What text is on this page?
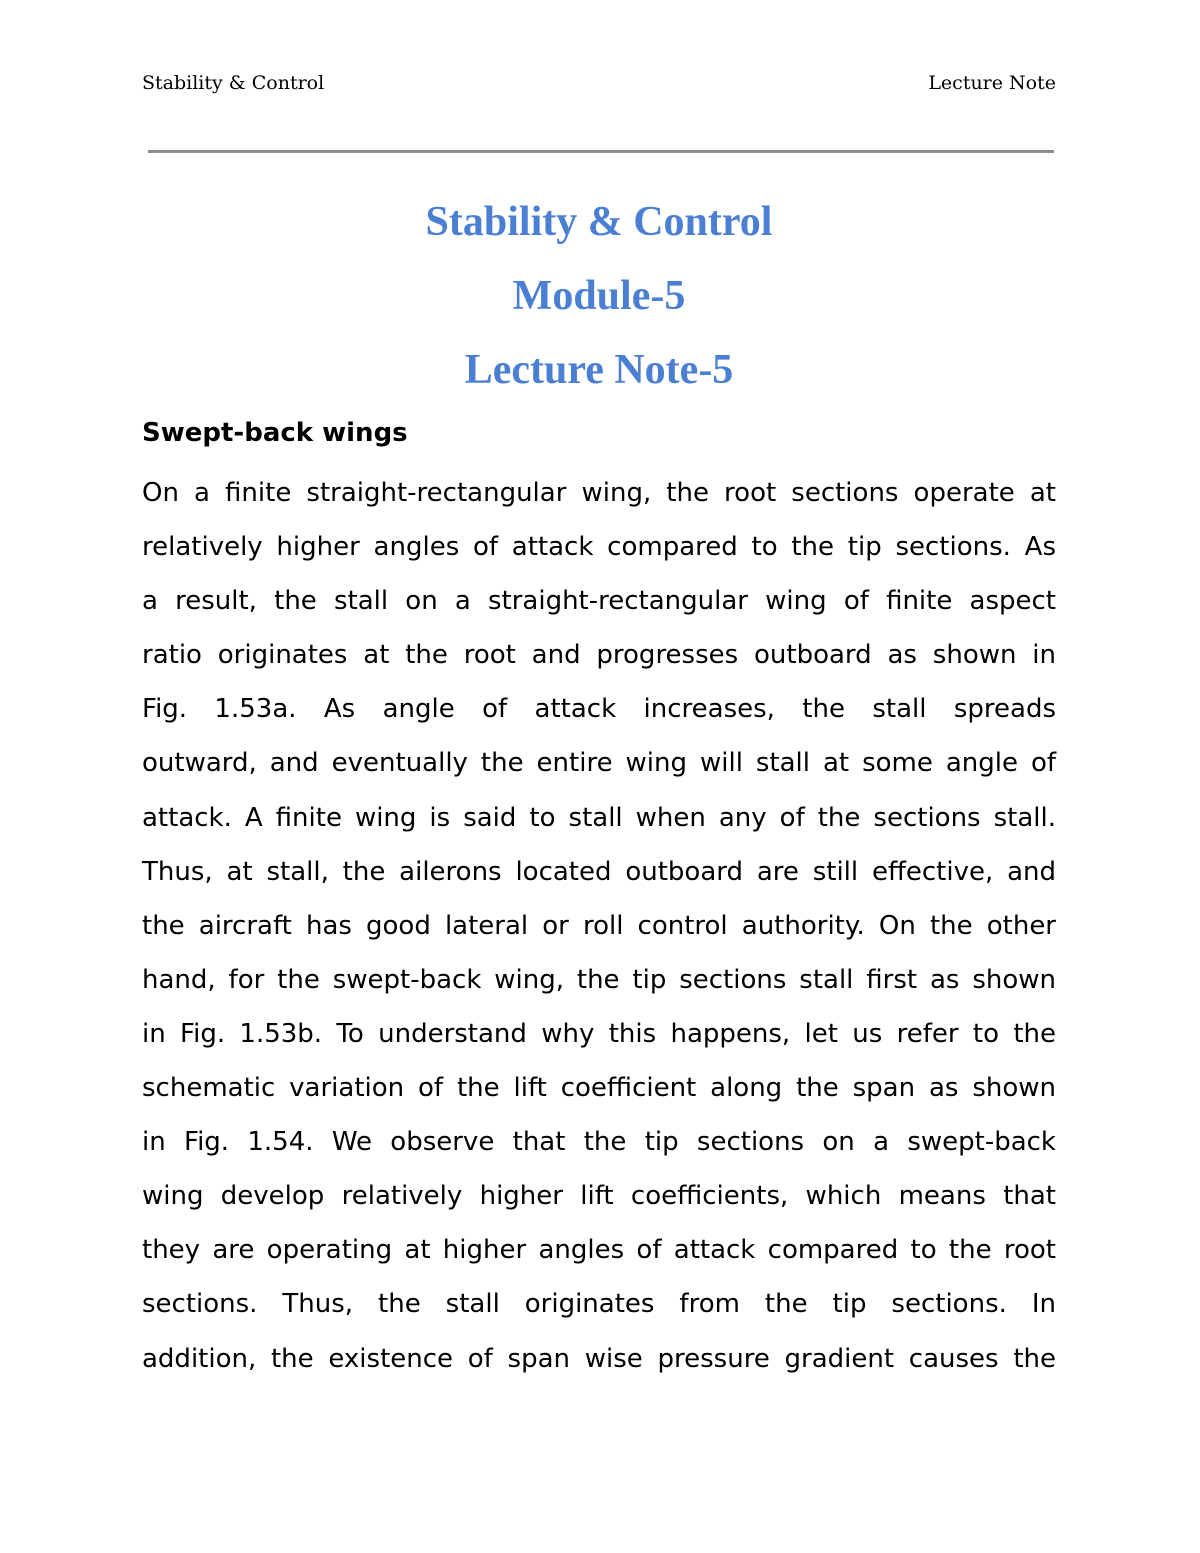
Stability & Control	Lecture Note
Stability & Control
Module-5
Lecture Note-5
Swept-back wings
On a finite straight-rectangular wing, the root sections operate at
relatively higher angles of attack compared to the tip sections. As
a result, the stall on a straight-rectangular wing of finite aspect
ratio originates at the root and progresses outboard as shown in
Fig. 1.53a. As angle of attack increases, the stall spreads
outward, and eventually the entire wing will stall at some angle of
attack. A finite wing is said to stall when any of the sections stall.
Thus, at stall, the ailerons located outboard are still effective, and
the aircraft has good lateral or roll control authority. On the other
hand, for the swept-back wing, the tip sections stall first as shown
in Fig. 1.53b. To understand why this happens, let us refer to the
schematic variation of the lift coefficient along the span as shown
in Fig. 1.54. We observe that the tip sections on a swept-back
wing develop relatively higher lift coefficients, which means that
they are operating at higher angles of attack compared to the root
sections. Thus, the stall originates from the tip sections. In
addition, the existence of span wise pressure gradient causes the
